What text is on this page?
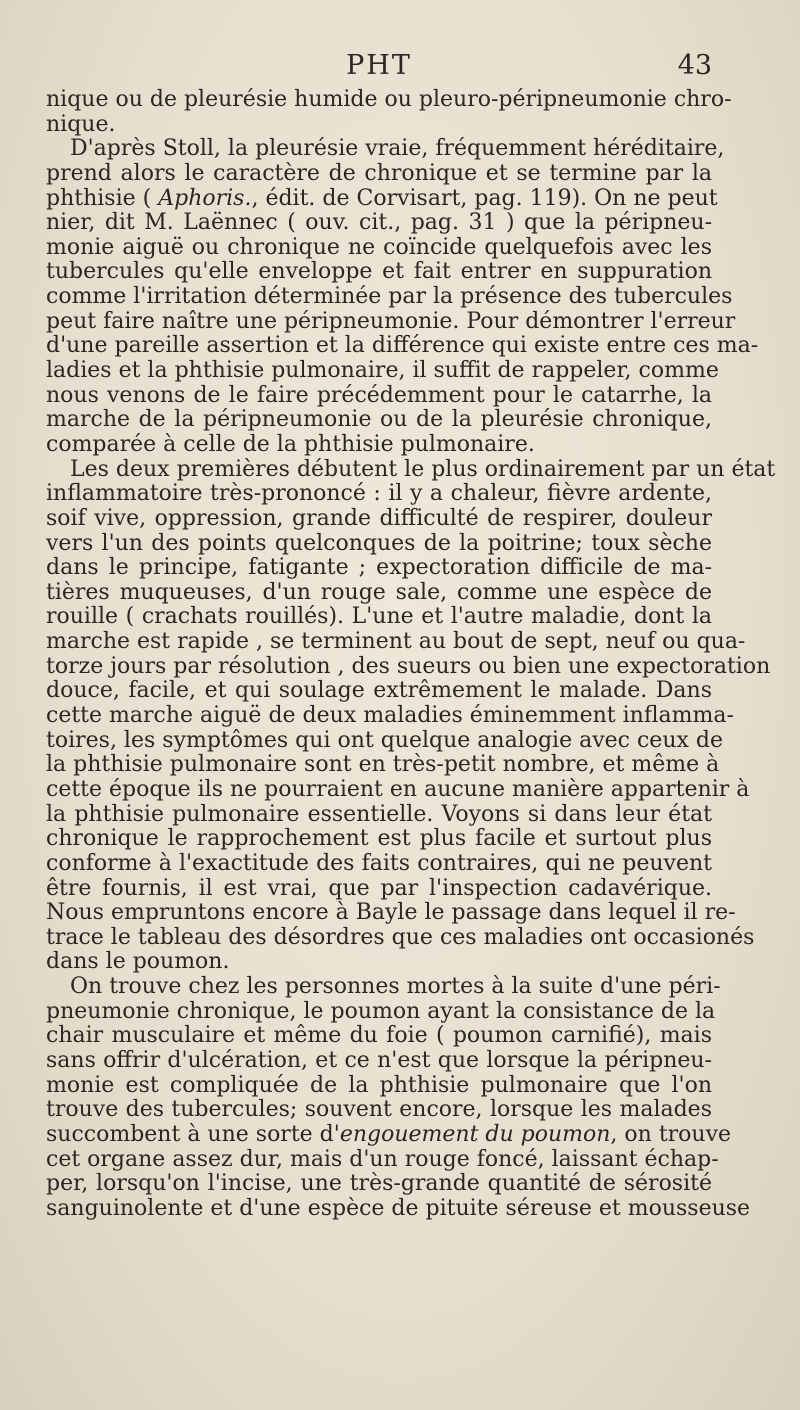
PHT	43
nique ou de pleurésie humide ou pleuro-péripneumonie chro-
nique.
D'après Stoll, la pleurésie vraie, fréquemment héréditaire,
prend alors le caractère de chronique et se termine par la
phthisie ( Aphoris., édit. de Corvisart, pag. 119). On ne peut
nier, dit M. Laënnec ( ouv. cit., pag. 31 ) que la péripneu-
monie aiguë ou chronique ne coïncide quelquefois avec les
tubercules qu'elle enveloppe et fait entrer en suppuration
comme l'irritation déterminée par la présence des tubercules
peut faire naître une péripneumonie. Pour démontrer l'erreur
d'une pareille assertion et la différence qui existe entre ces ma-
ladies et la phthisie pulmonaire, il suffit de rappeler, comme
nous venons de le faire précédemment pour le catarrhe, la
marche de la péripneumonie ou de la pleurésie chronique,
comparée à celle de la phthisie pulmonaire.
Les deux premières débutent le plus ordinairement par un état
inflammatoire très-prononcé : il y a chaleur, fièvre ardente,
soif vive, oppression, grande difficulté de respirer, douleur
vers l'un des points quelconques de la poitrine; toux sèche
dans le principe, fatigante ; expectoration difficile de ma-
tières muqueuses, d'un rouge sale, comme une espèce de
rouille ( crachats rouillés). L'une et l'autre maladie, dont la
marche est rapide , se terminent au bout de sept, neuf ou qua-
torze jours par résolution , des sueurs ou bien une expectoration
douce, facile, et qui soulage extrêmement le malade. Dans
cette marche aiguë de deux maladies éminemment inflamma-
toires, les symptômes qui ont quelque analogie avec ceux de
la phthisie pulmonaire sont en très-petit nombre, et même à
cette époque ils ne pourraient en aucune manière appartenir à
la phthisie pulmonaire essentielle. Voyons si dans leur état
chronique le rapprochement est plus facile et surtout plus
conforme à l'exactitude des faits contraires, qui ne peuvent
être fournis, il est vrai, que par l'inspection cadavérique.
Nous empruntons encore à Bayle le passage dans lequel il re-
trace le tableau des désordres que ces maladies ont occasionés
dans le poumon.
On trouve chez les personnes mortes à la suite d'une péri-
pneumonie chronique, le poumon ayant la consistance de la
chair musculaire et même du foie ( poumon carnifié), mais
sans offrir d'ulcération, et ce n'est que lorsque la péripneu-
monie est compliquée de la phthisie pulmonaire que l'on
trouve des tubercules; souvent encore, lorsque les malades
succombent à une sorte d'engouement du poumon, on trouve
cet organe assez dur, mais d'un rouge foncé, laissant échap-
per, lorsqu'on l'incise, une très-grande quantité de sérosité
sanguinolente et d'une espèce de pituite séreuse et mousseuse
